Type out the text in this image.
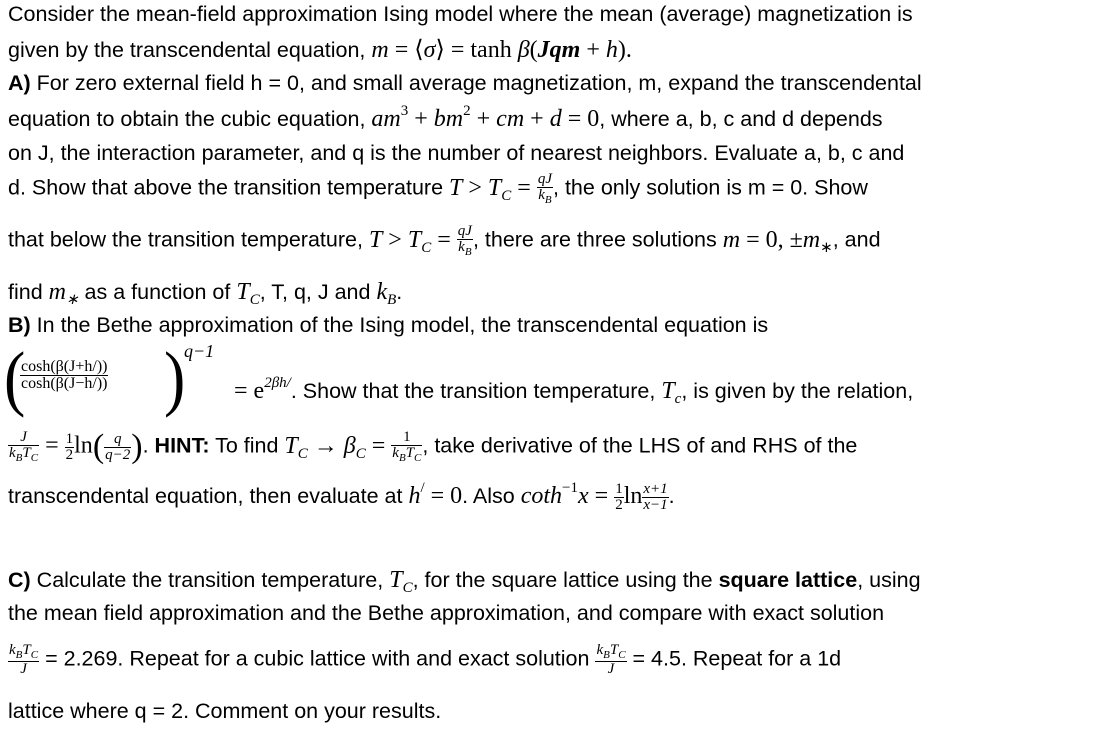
Consider the mean-field approximation Ising model where the mean (average) magnetization is
given by the transcendental equation, m = ⟨σ⟩ = tanh β(Jqm + h).
A) For zero external field h = 0, and small average magnetization, m, expand the transcendental
equation to obtain the cubic equation, $am^3 + bm^2$ + cm + d = 0, where a, b, c and d depends
on J, the interaction parameter, and q is the number of nearest neighbors. Evaluate a, b, c and
d. Show that above the transition temperature $T > T_C = \frac{qJ}{k_B}$ , the only solution is m = 0. Show
that below the transition temperature, $T > T_C = \frac{qJ}{k_B}$ , there are three solutions m = 0, $\pm m_∗$, and
find $m_∗$ as a function of $T_C$, T, q, J and $k_B$.
B) In the Bethe approximation of the Ising model, the transcendental equation is
(
$\frac{\cosh(\beta(J+h/))}{\cosh(\beta(J-h/))}$ )
q−1
= $e^{2\beta h/}$. Show that the transition temperature, $T_c$, is given by the relation,
$\frac{J}{k_BT_C} = \frac{1}{2} \ln( \frac{q}{q-2}$ ). HINT: To find $T_C \to \beta_C = \frac{1}{k_BT_C}$ , take derivative of the LHS of and RHS of the
transcendental equation, then evaluate at h/ = 0. Also $\cot h^{-1}x = \frac{1}{2}$ $\ln \frac{x+1}{x-1}$ .
C) Calculate the transition temperature, $T_C$, for the square lattice using the square lattice, using
the mean field approximation and the Bethe approximation, and compare with exact solution
$\frac{k_BT_C}{J} = 2.269$. Repeat for a cubic lattice with and exact solution $\frac{k_BT_C}{J} = 4.5$. Repeat for a 1d
lattice where q = 2. Comment on your results.
